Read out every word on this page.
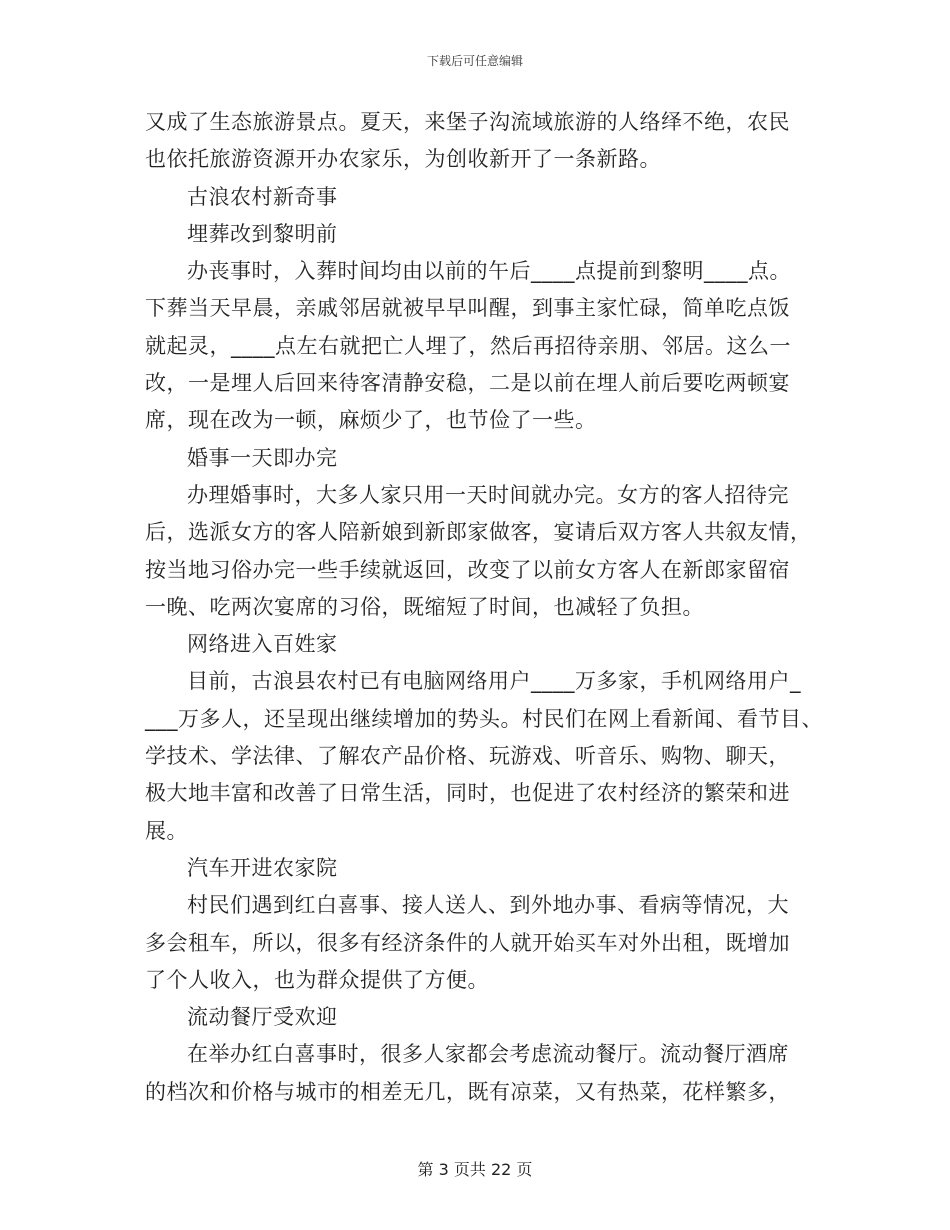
下载后可任意编辑
又成了生态旅游景点。夏天，来堡子沟流域旅游的人络绎不绝，农民
也依托旅游资源开办农家乐，为创收新开了一条新路。
古浪农村新奇事
埋葬改到黎明前
办丧事时，入葬时间均由以前的午后____点提前到黎明____点。
下葬当天早晨，亲戚邻居就被早早叫醒，到事主家忙碌，简单吃点饭
就起灵，____点左右就把亡人埋了，然后再招待亲朋、邻居。这么一
改，一是埋人后回来待客清静安稳，二是以前在埋人前后要吃两顿宴
席，现在改为一顿，麻烦少了，也节俭了一些。
婚事一天即办完
办理婚事时，大多人家只用一天时间就办完。女方的客人招待完
后，选派女方的客人陪新娘到新郎家做客，宴请后双方客人共叙友情，
按当地习俗办完一些手续就返回，改变了以前女方客人在新郎家留宿
一晚、吃两次宴席的习俗，既缩短了时间，也减轻了负担。
网络进入百姓家
目前，古浪县农村已有电脑网络用户____万多家，手机网络用户_
___万多人，还呈现出继续增加的势头。村民们在网上看新闻、看节目、
学技术、学法律、了解农产品价格、玩游戏、听音乐、购物、聊天，
极大地丰富和改善了日常生活，同时，也促进了农村经济的繁荣和进
展。
汽车开进农家院
村民们遇到红白喜事、接人送人、到外地办事、看病等情况，大
多会租车，所以，很多有经济条件的人就开始买车对外出租，既增加
了个人收入，也为群众提供了方便。
流动餐厅受欢迎
在举办红白喜事时，很多人家都会考虑流动餐厅。流动餐厅酒席
的档次和价格与城市的相差无几，既有凉菜，又有热菜，花样繁多，
第 3 页共 22 页
